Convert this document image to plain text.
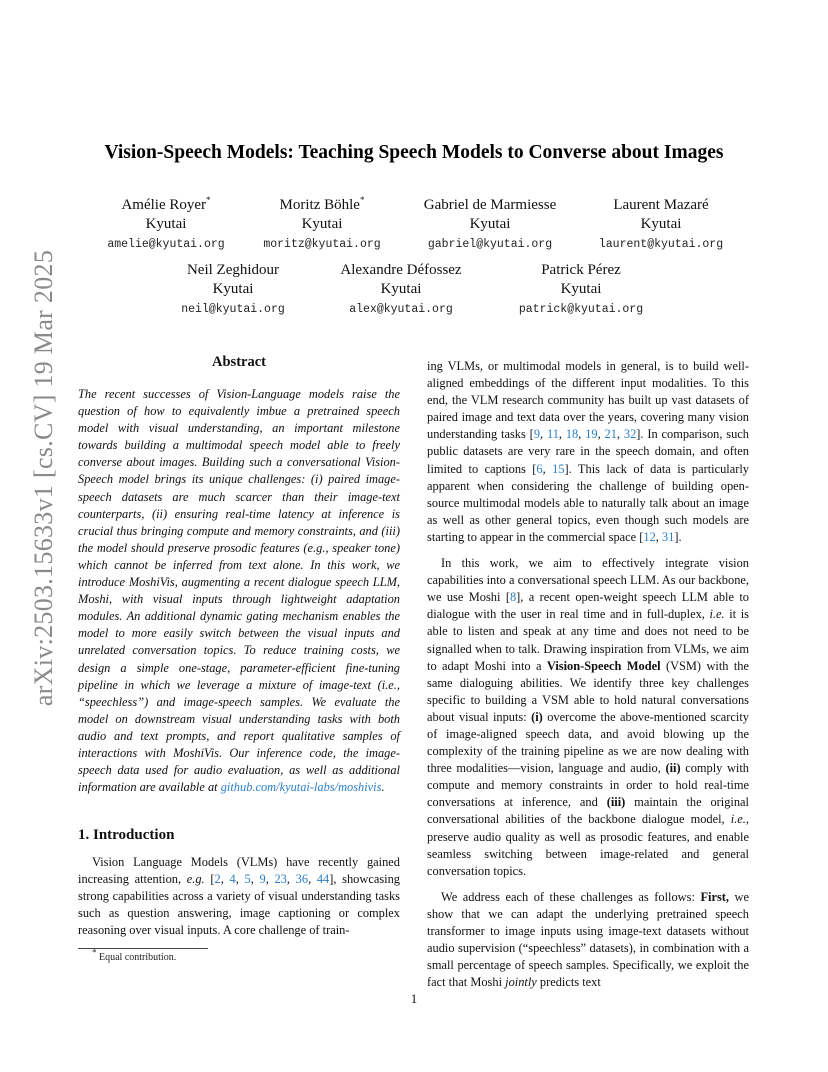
arXiv:2503.15633v1 [cs.CV] 19 Mar 2025
Vision-Speech Models: Teaching Speech Models to Converse about Images
Amélie Royer*
Kyutai
amelie@kyutai.org
Moritz Böhle*
Kyutai
moritz@kyutai.org
Gabriel de Marmiesse
Kyutai
gabriel@kyutai.org
Laurent Mazaré
Kyutai
laurent@kyutai.org
Neil Zeghidour
Kyutai
neil@kyutai.org
Alexandre Défossez
Kyutai
alex@kyutai.org
Patrick Pérez
Kyutai
patrick@kyutai.org
Abstract

The recent successes of Vision-Language models raise the question of how to equivalently imbue a pretrained speech model with visual understanding, an important milestone towards building a multimodal speech model able to freely converse about images. Building such a conversational Vision-Speech model brings its unique challenges: (i) paired image-speech datasets are much scarcer than their image-text counterparts, (ii) ensuring real-time latency at inference is crucial thus bringing compute and memory constraints, and (iii) the model should preserve prosodic features (e.g., speaker tone) which cannot be inferred from text alone. In this work, we introduce MoshiVis, augmenting a recent dialogue speech LLM, Moshi, with visual inputs through lightweight adaptation modules. An additional dynamic gating mechanism enables the model to more easily switch between the visual inputs and unrelated conversation topics. To reduce training costs, we design a simple one-stage, parameter-efficient fine-tuning pipeline in which we leverage a mixture of image-text (i.e., “speechless”) and image-speech samples. We evaluate the model on downstream visual understanding tasks with both audio and text prompts, and report qualitative samples of interactions with MoshiVis. Our inference code, the image-speech data used for audio evaluation, as well as additional information are available at github.com/kyutai-labs/moshivis.

1. Introduction

Vision Language Models (VLMs) have recently gained increasing attention, e.g. [2, 4, 5, 9, 23, 36, 44], showcasing strong capabilities across a variety of visual understanding tasks such as question answering, image captioning or complex reasoning over visual inputs. A core challenge of train-

ing VLMs, or multimodal models in general, is to build well-aligned embeddings of the different input modalities. To this end, the VLM research community has built up vast datasets of paired image and text data over the years, covering many vision understanding tasks [9, 11, 18, 19, 21, 32]. In comparison, such public datasets are very rare in the speech domain, and often limited to captions [6, 15]. This lack of data is particularly apparent when considering the challenge of building open-source multimodal models able to naturally talk about an image as well as other general topics, even though such models are starting to appear in the commercial space [12, 31].

In this work, we aim to effectively integrate vision capabilities into a conversational speech LLM. As our backbone, we use Moshi [8], a recent open-weight speech LLM able to dialogue with the user in real time and in full-duplex, i.e. it is able to listen and speak at any time and does not need to be signalled when to talk. Drawing inspiration from VLMs, we aim to adapt Moshi into a Vision-Speech Model (VSM) with the same dialoguing abilities. We identify three key challenges specific to building a VSM able to hold natural conversations about visual inputs: (i) overcome the above-mentioned scarcity of image-aligned speech data, and avoid blowing up the complexity of the training pipeline as we are now dealing with three modalities—vision, language and audio, (ii) comply with compute and memory constraints in order to hold real-time conversations at inference, and (iii) maintain the original conversational abilities of the backbone dialogue model, i.e., preserve audio quality as well as prosodic features, and enable seamless switching between image-related and general conversation topics.

We address each of these challenges as follows: First, we show that we can adapt the underlying pretrained speech transformer to image inputs using image-text datasets without audio supervision (“speechless” datasets), in combination with a small percentage of speech samples. Specifically, we exploit the fact that Moshi jointly predicts text

* Equal contribution.
1
